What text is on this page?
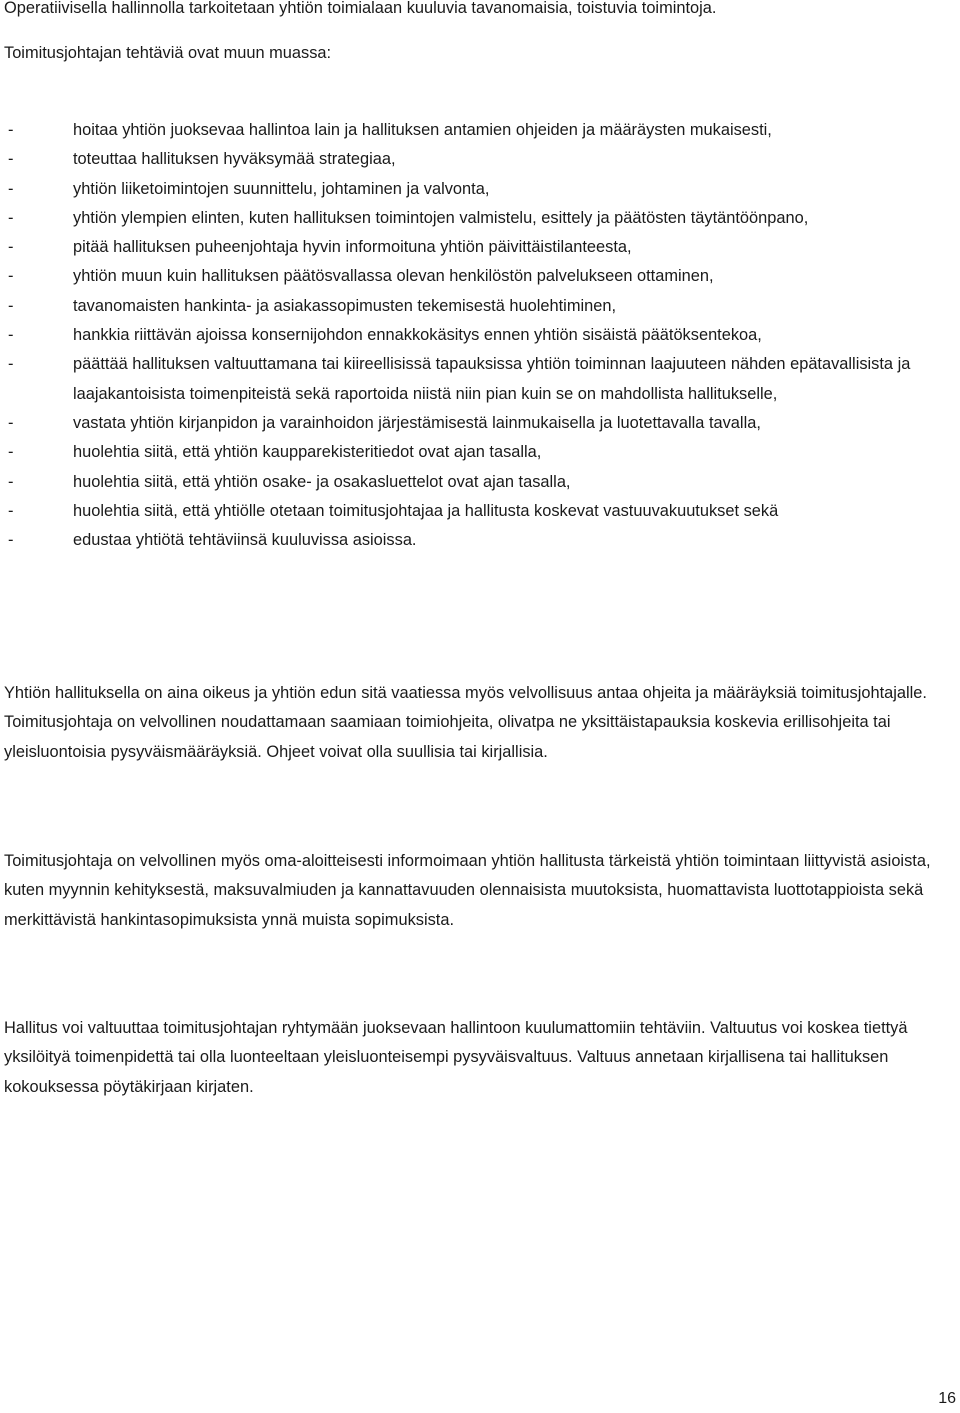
Operatiivisella hallinnolla tarkoitetaan yhtiön toimialaan kuuluvia tavanomaisia, toistuvia toimintoja.
Toimitusjohtajan tehtäviä ovat muun muassa:
-	hoitaa yhtiön juoksevaa hallintoa lain ja hallituksen antamien ohjeiden ja määräysten mukaisesti,
-	toteuttaa hallituksen hyväksymää strategiaa,
-	yhtiön liiketoimintojen suunnittelu, johtaminen ja valvonta,
-	yhtiön ylempien elinten, kuten hallituksen toimintojen valmistelu, esittely ja päätösten täytäntöönpano,
-	pitää hallituksen puheenjohtaja hyvin informoituna yhtiön päivittäistilanteesta,
-	yhtiön muun kuin hallituksen päätösvallassa olevan henkilöstön palvelukseen ottaminen,
-	tavanomaisten hankinta- ja asiakassopimusten tekemisestä huolehtiminen,
-	hankkia riittävän ajoissa konsernijohdon ennakkokäsitys ennen yhtiön sisäistä päätöksentekoa,
-	päättää hallituksen valtuuttamana tai kiireellisissä tapauksissa yhtiön toiminnan laajuuteen nähden epätavallisista ja laajakantoisista toimenpiteistä sekä raportoida niistä niin pian kuin se on mahdollista hallitukselle,
-	vastata yhtiön kirjanpidon ja varainhoidon järjestämisestä lainmukaisella ja luotettavalla tavalla,
-	huolehtia siitä, että yhtiön kaupparekisteritiedot ovat ajan tasalla,
-	huolehtia siitä, että yhtiön osake- ja osakasluettelot ovat ajan tasalla,
-	huolehtia siitä, että yhtiölle otetaan toimitusjohtajaa ja hallitusta koskevat vastuuvakuutukset sekä
-	edustaa yhtiötä tehtäviinsä kuuluvissa asioissa.
Yhtiön hallituksella on aina oikeus ja yhtiön edun sitä vaatiessa myös velvollisuus antaa ohjeita ja määräyksiä toimitusjohtajalle. Toimitusjohtaja on velvollinen noudattamaan saamiaan toimiohjeita, olivatpa ne yksittäistapauksia koskevia erillisohjeita tai yleisluontoisia pysyväismääräyksiä. Ohjeet voivat olla suullisia tai kirjallisia.
Toimitusjohtaja on velvollinen myös oma-aloitteisesti informoimaan yhtiön hallitusta tärkeistä yhtiön toimintaan liittyvistä asioista, kuten myynnin kehityksestä, maksuvalmiuden ja kannattavuuden olennaisista muutoksista, huomattavista luottotappioista sekä merkittävistä hankintasopimuksista ynnä muista sopimuksista.
Hallitus voi valtuuttaa toimitusjohtajan ryhtymään juoksevaan hallintoon kuulumattomiin tehtäviin. Valtuutus voi koskea tiettyä yksilöityä toimenpidettä tai olla luonteeltaan yleisluonteisempi pysyväisvaltuus. Valtuus annetaan kirjallisena tai hallituksen kokouksessa pöytäkirjaan kirjaten.
16
